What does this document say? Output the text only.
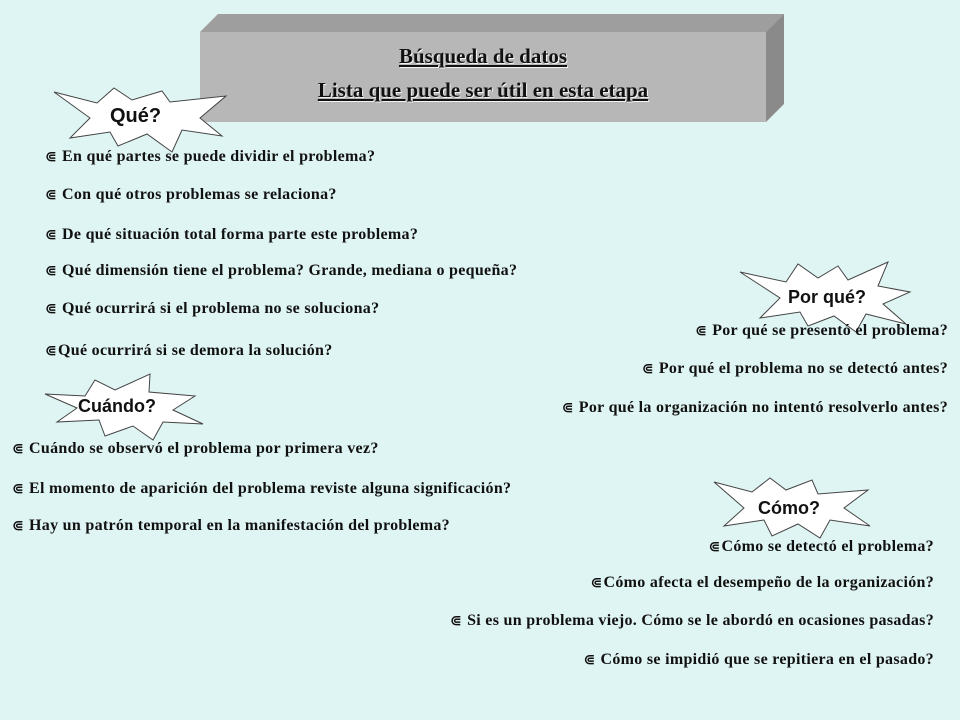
Búsqueda de datos
Lista que puede ser útil en esta etapa
Qué?
Por qué?
Cuándo?
Cómo?
⋐ En qué partes se puede dividir el problema?
⋐ Con qué otros problemas se relaciona?
⋐ De qué situación total forma parte este problema?
⋐ Qué dimensión tiene el problema? Grande, mediana o pequeña?
⋐ Qué ocurrirá si el problema no se soluciona?
⋐Qué ocurrirá si se demora la solución?
⋐ Por qué se presentó el problema?
⋐ Por qué el problema no se detectó antes?
⋐ Por qué la organización no intentó resolverlo antes?
⋐ Cuándo se observó el problema por primera vez?
⋐ El momento de aparición del problema reviste alguna significación?
⋐ Hay un patrón temporal en la manifestación del problema?
⋐Cómo se detectó el problema?
⋐Cómo afecta el desempeño de la organización?
⋐ Si es un problema viejo. Cómo se le abordó en ocasiones pasadas?
⋐ Cómo se impidió que se repitiera en el pasado?
